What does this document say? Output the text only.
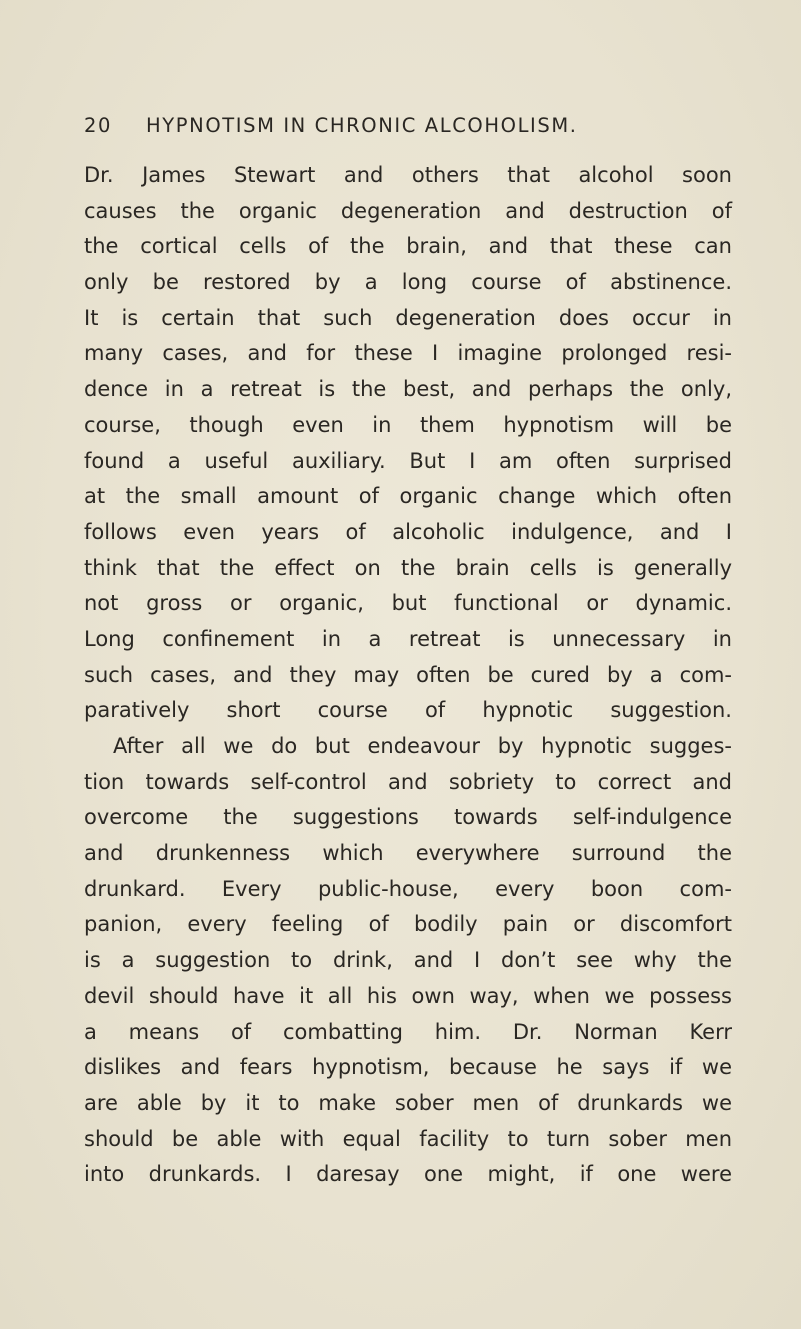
20 HYPNOTISM IN CHRONIC ALCOHOLISM.
Dr. James Stewart and others that alcohol soon
causes the organic degeneration and destruction of
the cortical cells of the brain, and that these can
only be restored by a long course of abstinence.
It is certain that such degeneration does occur in
many cases, and for these I imagine prolonged resi-
dence in a retreat is the best, and perhaps the only,
course, though even in them hypnotism will be
found a useful auxiliary. But I am often surprised
at the small amount of organic change which often
follows even years of alcoholic indulgence, and I
think that the effect on the brain cells is generally
not gross or organic, but functional or dynamic.
Long confinement in a retreat is unnecessary in
such cases, and they may often be cured by a com-
paratively short course of hypnotic suggestion.
After all we do but endeavour by hypnotic sugges-
tion towards self-control and sobriety to correct and
overcome the suggestions towards self-indulgence
and drunkenness which everywhere surround the
drunkard. Every public-housе, every boon com-
panion, every feeling of bodily pain or discomfort
is a suggestion to drink, and I don’t see why the
devil should have it all his own way, when we possess
a means of combatting him. Dr. Norman Kerr
dislikes and fears hypnotism, because he says if we
are able by it to make sober men of drunkards we
should be able with equal facility to turn sober men
into drunkards. I daresay one might, if one were
